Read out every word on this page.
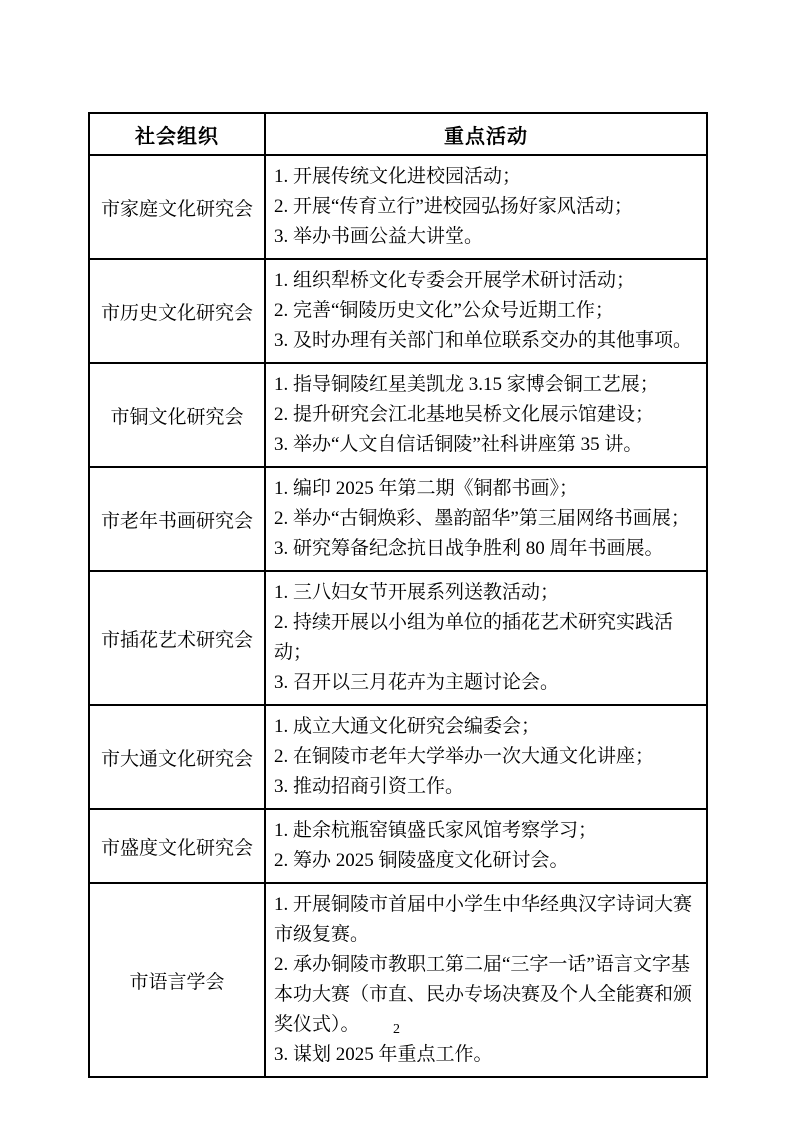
社会组织	重点活动
市家庭文化研究会	1. 开展传统文化进校园活动；
2. 开展“传育立行”进校园弘扬好家风活动；
3. 举办书画公益大讲堂。

市历史文化研究会	1. 组织犁桥文化专委会开展学术研讨活动；
2. 完善“铜陵历史文化”公众号近期工作；
3. 及时办理有关部门和单位联系交办的其他事项。

市铜文化研究会	1. 指导铜陵红星美凯龙 3.15 家博会铜工艺展；
2. 提升研究会江北基地吴桥文化展示馆建设；
3. 举办“人文自信话铜陵”社科讲座第 35 讲。

市老年书画研究会	1. 编印 2025 年第二期《铜都书画》；
2. 举办“古铜焕彩、墨韵韶华”第三届网络书画展；
3. 研究筹备纪念抗日战争胜利 80 周年书画展。

市插花艺术研究会	1. 三八妇女节开展系列送教活动；
2. 持续开展以小组为单位的插花艺术研究实践活动；
3. 召开以三月花卉为主题讨论会。

市大通文化研究会	1. 成立大通文化研究会编委会；
2. 在铜陵市老年大学举办一次大通文化讲座；
3. 推动招商引资工作。

市盛度文化研究会	1. 赴余杭瓶窑镇盛氏家风馆考察学习；
2. 筹办 2025 铜陵盛度文化研讨会。

市语言学会	1. 开展铜陵市首届中小学生中华经典汉字诗词大赛市级复赛。
2. 承办铜陵市教职工第二届“三字一话”语言文字基本功大赛（市直、民办专场决赛及个人全能赛和颁奖仪式）。
3. 谋划 2025 年重点工作。
2
